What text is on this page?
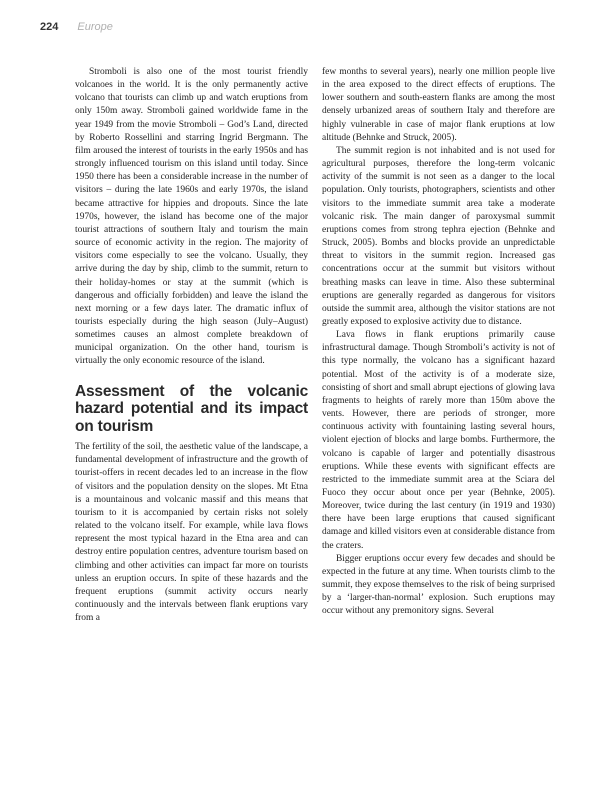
224 Europe

Stromboli is also one of the most tourist friendly volcanoes in the world. It is the only permanently active volcano that tourists can climb up and watch eruptions from only 150m away. Stromboli gained worldwide fame in the year 1949 from the movie Stromboli – God’s Land, directed by Roberto Rossellini and starring Ingrid Bergmann. The film aroused the interest of tourists in the early 1950s and has strongly influenced tourism on this island until today. Since 1950 there has been a considerable increase in the number of visitors – during the late 1960s and early 1970s, the island became attractive for hippies and dropouts. Since the late 1970s, however, the island has become one of the major tourist attractions of southern Italy and tourism the main source of economic activity in the region. The majority of visitors come especially to see the volcano. Usually, they arrive during the day by ship, climb to the summit, return to their holiday-homes or stay at the summit (which is dangerous and officially forbidden) and leave the island the next morning or a few days later. The dramatic influx of tourists especially during the high season (July–August) sometimes causes an almost complete breakdown of municipal organization. On the other hand, tourism is virtually the only economic resource of the island.

Assessment of the volcanic hazard potential and its impact on tourism

The fertility of the soil, the aesthetic value of the landscape, a fundamental development of infrastructure and the growth of tourist-offers in recent decades led to an increase in the flow of visitors and the population density on the slopes. Mt Etna is a mountainous and volcanic massif and this means that tourism to it is accompanied by certain risks not solely related to the volcano itself. For example, while lava flows represent the most typical hazard in the Etna area and can destroy entire population centres, adventure tourism based on climbing and other activities can impact far more on tourists unless an eruption occurs. In spite of these hazards and the frequent eruptions (summit activity occurs nearly continuously and the intervals between flank eruptions vary from a

few months to several years), nearly one million people live in the area exposed to the direct effects of eruptions. The lower southern and south-eastern flanks are among the most densely urbanized areas of southern Italy and therefore are highly vulnerable in case of major flank eruptions at low altitude (Behnke and Struck, 2005).

The summit region is not inhabited and is not used for agricultural purposes, therefore the long-term volcanic activity of the summit is not seen as a danger to the local population. Only tourists, photographers, scientists and other visitors to the immediate summit area take a moderate volcanic risk. The main danger of paroxysmal summit eruptions comes from strong tephra ejection (Behnke and Struck, 2005). Bombs and blocks provide an unpredictable threat to visitors in the summit region. Increased gas concentrations occur at the summit but visitors without breathing masks can leave in time. Also these subterminal eruptions are generally regarded as dangerous for visitors outside the summit area, although the visitor stations are not greatly exposed to explosive activity due to distance.

Lava flows in flank eruptions primarily cause infrastructural damage. Though Stromboli’s activity is not of this type normally, the volcano has a significant hazard potential. Most of the activity is of a moderate size, consisting of short and small abrupt ejections of glowing lava fragments to heights of rarely more than 150m above the vents. However, there are periods of stronger, more continuous activity with fountaining lasting several hours, violent ejection of blocks and large bombs. Furthermore, the volcano is capable of larger and potentially disastrous eruptions. While these events with significant effects are restricted to the immediate summit area at the Sciara del Fuoco they occur about once per year (Behnke, 2005). Moreover, twice during the last century (in 1919 and 1930) there have been large eruptions that caused significant damage and killed visitors even at considerable distance from the craters.

Bigger eruptions occur every few decades and should be expected in the future at any time. When tourists climb to the summit, they expose themselves to the risk of being surprised by a ‘larger-than-normal’ explosion. Such eruptions may occur without any premonitory signs. Several
